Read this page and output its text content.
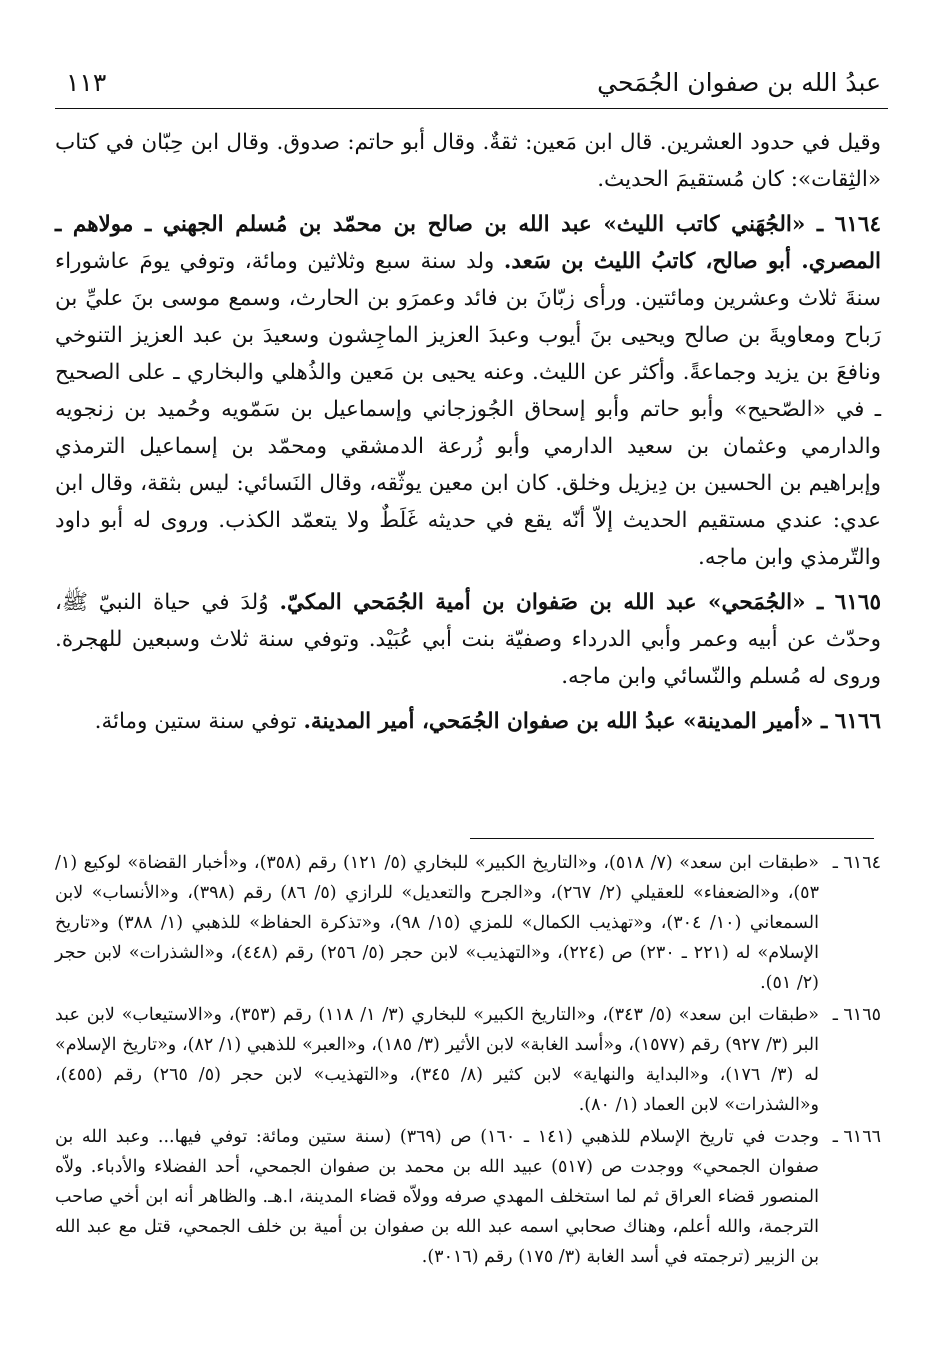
عبدُ الله بن صفوان الجُمَحي
١١٣

وقيل في حدود العشرين. قال ابن مَعين: ثقةٌ. وقال أبو حاتم: صدوق. وقال ابن حِبّان في كتاب «الثِقات»: كان مُستقيمَ الحديث.

٦١٦٤ ـ «الجُهَني كاتب الليث» عبد الله بن صالح بن محمّد بن مُسلم الجهني ـ مولاهم ـ المصري. أبو صالح، كاتبُ الليث بن سَعد. ولد سنة سبع وثلاثين ومائة، وتوفي يومَ عاشوراء سنةَ ثلاث وعشرين ومائتين. ورأى زبّانَ بن فائد وعمرَو بن الحارث، وسمع موسى بنَ عليِّ بن رَباح ومعاويةَ بن صالح ويحيى بنَ أيوب وعبدَ العزيز الماجِشون وسعيدَ بن عبد العزيز التنوخي ونافعَ بن يزيد وجماعةً. وأكثر عن الليث. وعنه يحيى بن مَعين والذُهلي والبخاري ـ على الصحيح ـ في «الصّحيح» وأبو حاتم وأبو إسحاق الجُوزجاني وإسماعيل بن سَمّويه وحُميد بن زنجويه والدارمي وعثمان بن سعيد الدارمي وأبو زُرعة الدمشقي ومحمّد بن إسماعيل الترمذي وإبراهيم بن الحسين بن دِيزيل وخلق. كان ابن معين يوثّقه، وقال النَسائي: ليس بثقة، وقال ابن عدي: عندي مستقيم الحديث إلاّ أنّه يقع في حديثه غَلَطٌ ولا يتعمّد الكذب. وروى له أبو داود والتّرمذي وابن ماجه.

٦١٦٥ ـ «الجُمَحي» عبد الله بن صَفوان بن أمية الجُمَحي المكيّ. وُلدَ في حياة النبيّ ﷺ، وحدّث عن أبيه وعمر وأبي الدرداء وصفيّة بنت أبي عُبَيْد. وتوفي سنة ثلاث وسبعين للهجرة. وروى له مُسلم والنّسائي وابن ماجه.

٦١٦٦ ـ «أمير المدينة» عبدُ الله بن صفوان الجُمَحي، أمير المدينة. توفي سنة ستين ومائة.

٦١٦٤ ـ
«طبقات ابن سعد» (٧/ ٥١٨)، و«التاريخ الكبير» للبخاري (٥/ ١٢١) رقم (٣٥٨)، و«أخبار القضاة» لوكيع (١/ ٥٣)، و«الضعفاء» للعقيلي (٢/ ٢٦٧)، و«الجرح والتعديل» للرازي (٥/ ٨٦) رقم (٣٩٨)، و«الأنساب» لابن السمعاني (١٠/ ٣٠٤)، و«تهذيب الكمال» للمزي (١٥/ ٩٨)، و«تذكرة الحفاظ» للذهبي (١/ ٣٨٨) و«تاريخ الإسلام» له (٢٢١ ـ ٢٣٠) ص (٢٢٤)، و«التهذيب» لابن حجر (٥/ ٢٥٦) رقم (٤٤٨)، و«الشذرات» لابن حجر (٢/ ٥١).
٦١٦٥ ـ
«طبقات ابن سعد» (٥/ ٣٤٣)، و«التاريخ الكبير» للبخاري (٣/ ١/ ١١٨) رقم (٣٥٣)، و«الاستيعاب» لابن عبد البر (٣/ ٩٢٧) رقم (١٥٧٧)، و«أسد الغابة» لابن الأثير (٣/ ١٨٥)، و«العبر» للذهبي (١/ ٨٢)، و«تاريخ الإسلام» له (٣/ ١٧٦)، و«البداية والنهاية» لابن كثير (٨/ ٣٤٥)، و«التهذيب» لابن حجر (٥/ ٢٦٥) رقم (٤٥٥)، و«الشذرات» لابن العماد (١/ ٨٠).
٦١٦٦ ـ
وجدت في تاريخ الإسلام للذهبي (١٤١ ـ ١٦٠) ص (٣٦٩) (سنة ستين ومائة: توفي فيها... وعبد الله بن صفوان الجمحي» ووجدت ص (٥١٧) عبيد الله بن محمد بن صفوان الجمحي، أحد الفضلاء والأدباء. ولاّه المنصور قضاء العراق ثم لما استخلف المهدي صرفه وولاّه قضاء المدينة، ا.هـ. والظاهر أنه ابن أخي صاحب الترجمة، والله أعلم، وهناك صحابي اسمه عبد الله بن صفوان بن أمية بن خلف الجمحي، قتل مع عبد الله بن الزبير (ترجمته في أسد الغابة (٣/ ١٧٥) رقم (٣٠١٦).
